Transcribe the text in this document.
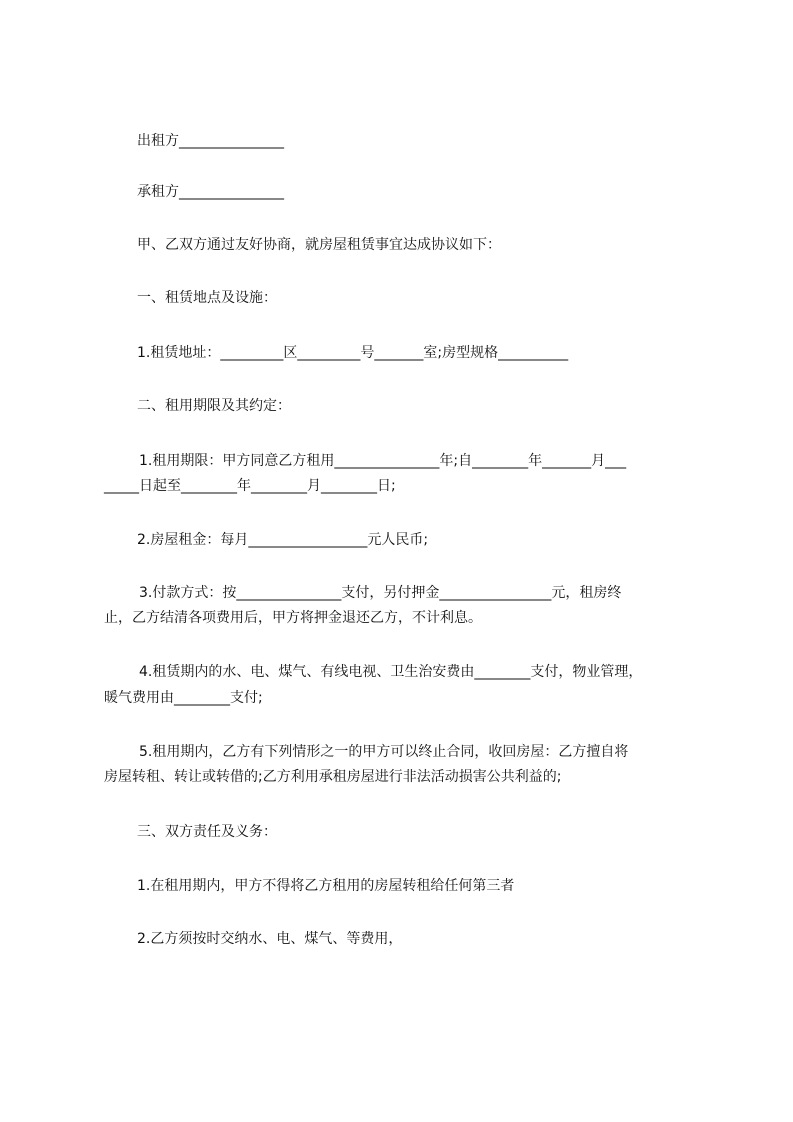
出租方_______________
承租方_______________
甲、乙双方通过友好协商，就房屋租赁事宜达成协议如下：
一、租赁地点及设施：
1.租赁地址：_________区_________号_______室;房型规格__________
二、租用期限及其约定：
1.租用期限：甲方同意乙方租用_______________年;自________年_______月___
_____日起至________年________月________日;
2.房屋租金：每月_________________元人民币;
3.付款方式：按_______________支付，另付押金________________元，租房终
止，乙方结清各项费用后，甲方将押金退还乙方，不计利息。
4.租赁期内的水、电、煤气、有线电视、卫生治安费由________支付，物业管理，
暖气费用由________支付;
5.租用期内，乙方有下列情形之一的甲方可以终止合同，收回房屋：乙方擅自将
房屋转租、转让或转借的;乙方利用承租房屋进行非法活动损害公共利益的;
三、双方责任及义务：
1.在租用期内，甲方不得将乙方租用的房屋转租给任何第三者
2.乙方须按时交纳水、电、煤气、等费用，
